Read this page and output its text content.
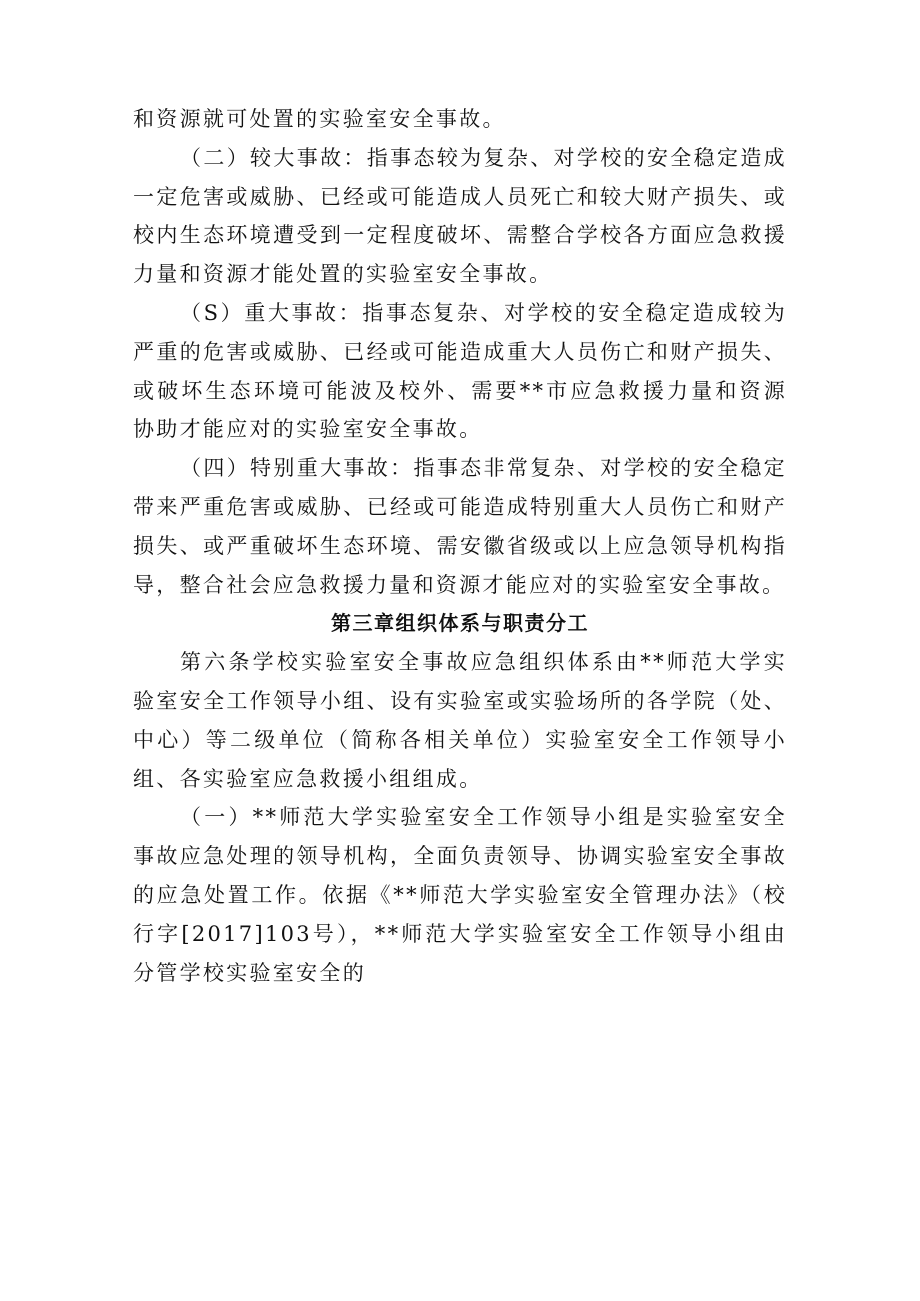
和资源就可处置的实验室安全事故。

（二）较大事故：指事态较为复杂、对学校的安全稳定造成一定危害或威胁、已经或可能造成人员死亡和较大财产损失、或校内生态环境遭受到一定程度破坏、需整合学校各方面应急救援力量和资源才能处置的实验室安全事故。

（S）重大事故：指事态复杂、对学校的安全稳定造成较为严重的危害或威胁、已经或可能造成重大人员伤亡和财产损失、或破坏生态环境可能波及校外、需要**市应急救援力量和资源协助才能应对的实验室安全事故。

（四）特别重大事故：指事态非常复杂、对学校的安全稳定带来严重危害或威胁、已经或可能造成特别重大人员伤亡和财产损失、或严重破坏生态环境、需安徽省级或以上应急领导机构指导，整合社会应急救援力量和资源才能应对的实验室安全事故。

第三章组织体系与职责分工

第六条学校实验室安全事故应急组织体系由**师范大学实验室安全工作领导小组、设有实验室或实验场所的各学院（处、中心）等二级单位（简称各相关单位）实验室安全工作领导小组、各实验室应急救援小组组成。

（一）**师范大学实验室安全工作领导小组是实验室安全事故应急处理的领导机构，全面负责领导、协调实验室安全事故的应急处置工作。依据《**师范大学实验室安全管理办法》（校行字[2017]103号），**师范大学实验室安全工作领导小组由分管学校实验室安全的
